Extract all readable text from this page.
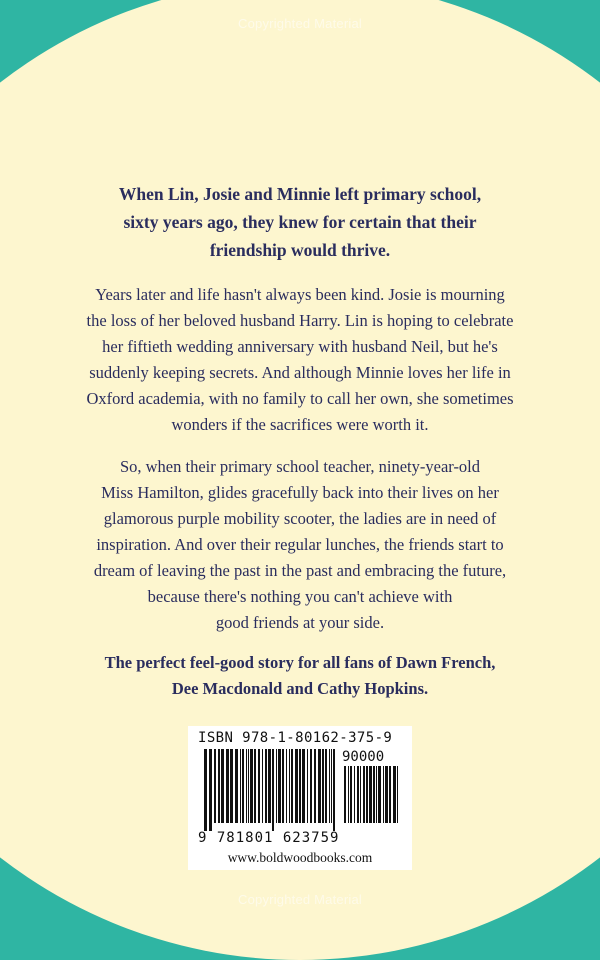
Copyrighted Material
When Lin, Josie and Minnie left primary school,
sixty years ago, they knew for certain that their
friendship would thrive.
Years later and life hasn't always been kind. Josie is mourning
the loss of her beloved husband Harry. Lin is hoping to celebrate
her fiftieth wedding anniversary with husband Neil, but he's
suddenly keeping secrets. And although Minnie loves her life in
Oxford academia, with no family to call her own, she sometimes
wonders if the sacrifices were worth it.
So, when their primary school teacher, ninety-year-old
Miss Hamilton, glides gracefully back into their lives on her
glamorous purple mobility scooter, the ladies are in need of
inspiration. And over their regular lunches, the friends start to
dream of leaving the past in the past and embracing the future,
because there's nothing you can't achieve with
good friends at your side.
The perfect feel-good story for all fans of Dawn French,
Dee Macdonald and Cathy Hopkins.
ISBN 978-1-80162-375-9
90000
9 781801 623759
www.boldwoodbooks.com
Copyrighted Material
